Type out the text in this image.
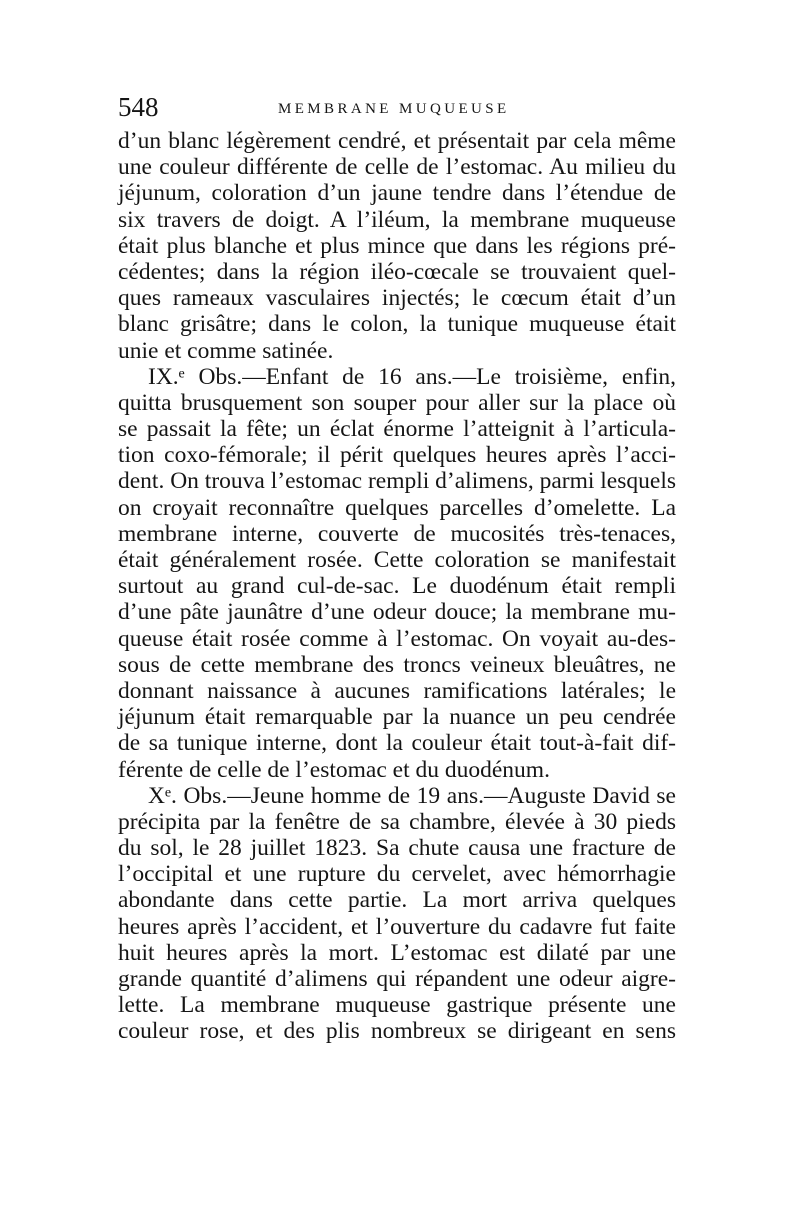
548	MEMBRANE MUQUEUSE
d’un blanc légèrement cendré, et présentait par cela même
une couleur différente de celle de l’estomac. Au milieu du
jéjunum, coloration d’un jaune tendre dans l’étendue de
six travers de doigt. A l’iléum, la membrane muqueuse
était plus blanche et plus mince que dans les régions pré-
cédentes; dans la région iléo-cœcale se trouvaient quel-
ques rameaux vasculaires injectés; le cœcum était d’un
blanc grisâtre; dans le colon, la tunique muqueuse était
unie et comme satinée.
IX.ᵉ Obs.—Enfant de 16 ans.—Le troisième, enfin,
quitta brusquement son souper pour aller sur la place où
se passait la fête; un éclat énorme l’atteignit à l’articula-
tion coxo-fémorale; il périt quelques heures après l’acci-
dent. On trouva l’estomac rempli d’alimens, parmi lesquels
on croyait reconnaître quelques parcelles d’omelette. La
membrane interne, couverte de mucosités très-tenaces,
était généralement rosée. Cette coloration se manifestait
surtout au grand cul-de-sac. Le duodénum était rempli
d’une pâte jaunâtre d’une odeur douce; la membrane mu-
queuse était rosée comme à l’estomac. On voyait au-des-
sous de cette membrane des troncs veineux bleuâtres, ne
donnant naissance à aucunes ramifications latérales; le
jéjunum était remarquable par la nuance un peu cendrée
de sa tunique interne, dont la couleur était tout-à-fait dif-
férente de celle de l’estomac et du duodénum.
Xᵉ. Obs.—Jeune homme de 19 ans.—Auguste David se
précipita par la fenêtre de sa chambre, élevée à 30 pieds
du sol, le 28 juillet 1823. Sa chute causa une fracture de
l’occipital et une rupture du cervelet, avec hémorrhagie
abondante dans cette partie. La mort arriva quelques
heures après l’accident, et l’ouverture du cadavre fut faite
huit heures après la mort. L’estomac est dilaté par une
grande quantité d’alimens qui répandent une odeur aigre-
lette. La membrane muqueuse gastrique présente une
couleur rose, et des plis nombreux se dirigeant en sens
